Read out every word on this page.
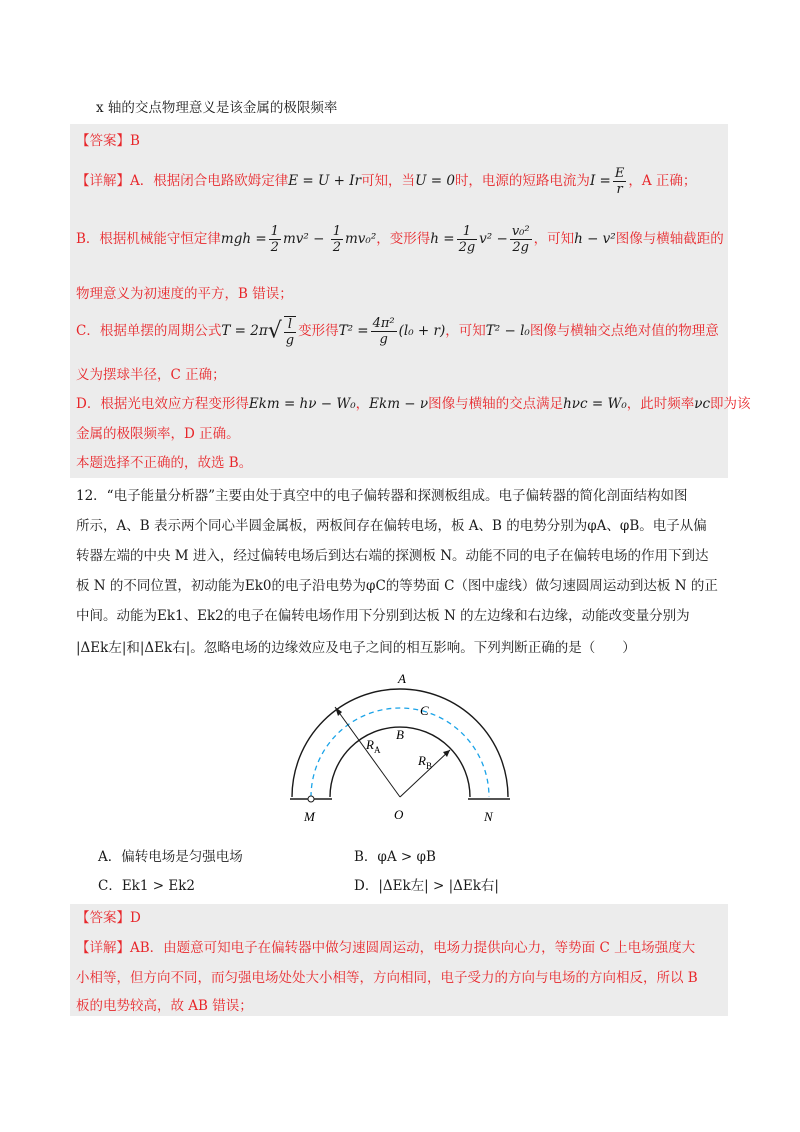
x 轴的交点物理意义是该金属的极限频率
【答案】B
【详解】A．根据闭合电路欧姆定律E = U + Ir可知，当U = 0时，电源的短路电流为$I = \frac{E}{r}$ ，A 正确；
B．根据机械能守恒定律mgh = $\frac{1}{2} mv^2 - \frac{1}{2} mv_0^2$，变形得$h = \frac{1}{2g} v^2 - \frac{\text{v₀²}}{2g}$ ，可知h − v²图像与横轴截距的
物理意义为初速度的平方，B 错误；
C．根据单摆的周期公式$T = 2\pi√ \frac{l}{g}$ 变形得$T^2 = \frac{\text{4π²}}{g} (l_0 + r)$，可知T² − l₀图像与横轴交点绝对值的物理意
义为摆球半径，C 正确；
D．根据光电效应方程变形得Ekm = hν − W₀，Ekm − ν图像与横轴的交点满足hνc = W₀，此时频率νc即为该
金属的极限频率，D 正确。
本题选择不正确的，故选 B。
12．“电子能量分析器”主要由处于真空中的电子偏转器和探测板组成。电子偏转器的简化剖面结构如图
所示，A、B 表示两个同心半圆金属板，两板间存在偏转电场，板 A、B 的电势分别为φA、φB。电子从偏
转器左端的中央 M 进入，经过偏转电场后到达右端的探测板 N。动能不同的电子在偏转电场的作用下到达
板 N 的不同位置，初动能为Ek0的电子沿电势为φC的等势面 C（图中虚线）做匀速圆周运动到达板 N 的正
中间。动能为Ek1、Ek2的电子在偏转电场作用下分别到达板 N 的左边缘和右边缘，动能改变量分别为
|ΔEk左|和|ΔEk右|。忽略电场的边缘效应及电子之间的相互影响。下列判断正确的是（　　）
A
C
B
$R_A$
$R_B$
O
M	N
A．偏转电场是匀强电场	B．φA > φB
C．Ek1 > Ek2	D．|ΔEk左| > |ΔEk右|
【答案】D
【详解】AB．由题意可知电子在偏转器中做匀速圆周运动，电场力提供向心力，等势面 C 上电场强度大
小相等，但方向不同，而匀强电场处处大小相等，方向相同，电子受力的方向与电场的方向相反，所以 B
板的电势较高，故 AB 错误；
